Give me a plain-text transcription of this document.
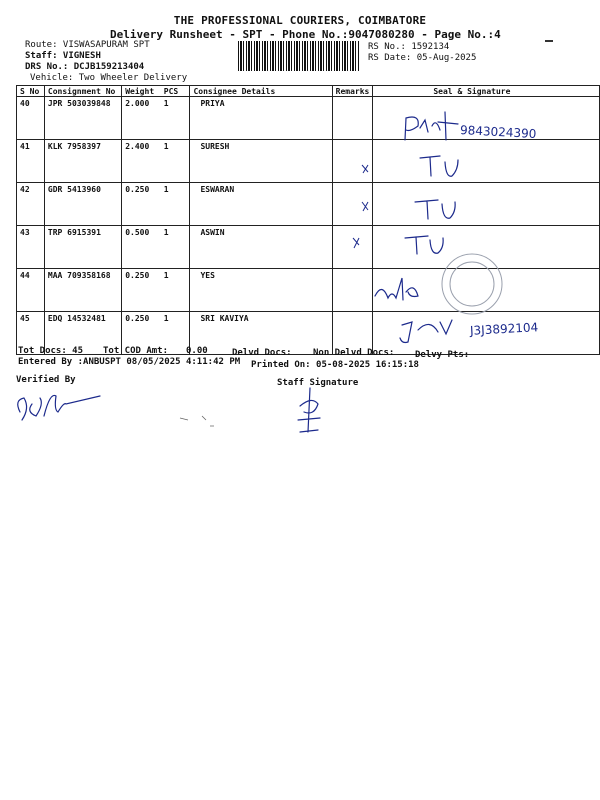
THE PROFESSIONAL COURIERS, COIMBATORE
Delivery Runsheet - SPT - Phone No.:9047080280 - Page No.:4
Route: VISWASAPURAM SPT
Staff: VIGNESH
DRS No.: DCJB159213404
Vehicle: Two Wheeler Delivery
RS No.: 1592134
RS Date: 05-Aug-2025
S No	Consignment No	Weight PCS	Consignee Details	Remarks	Seal & Signature
40	JPR 503039848	2.000 1	PRIYA		
41	KLK 7958397	2.400 1	SURESH		
42	GDR 5413960	0.250 1	ESWARAN		
43	TRP 6915391	0.500 1	ASWIN		
44	MAA 709358168	0.250 1	YES		
45	EDQ 14532481	0.250 1	SRI KAVIYA		
9843024390
J3J3892104
Tot Docs: 45 Tot COD Amt: 0.00	Delvd Docs: Non Delvd Docs: Delvy Pts:
Entered By :ANBUSPT 08/05/2025 4:11:42 PM Printed On: 05-08-2025 16:15:18
Verified By	Staff Signature
